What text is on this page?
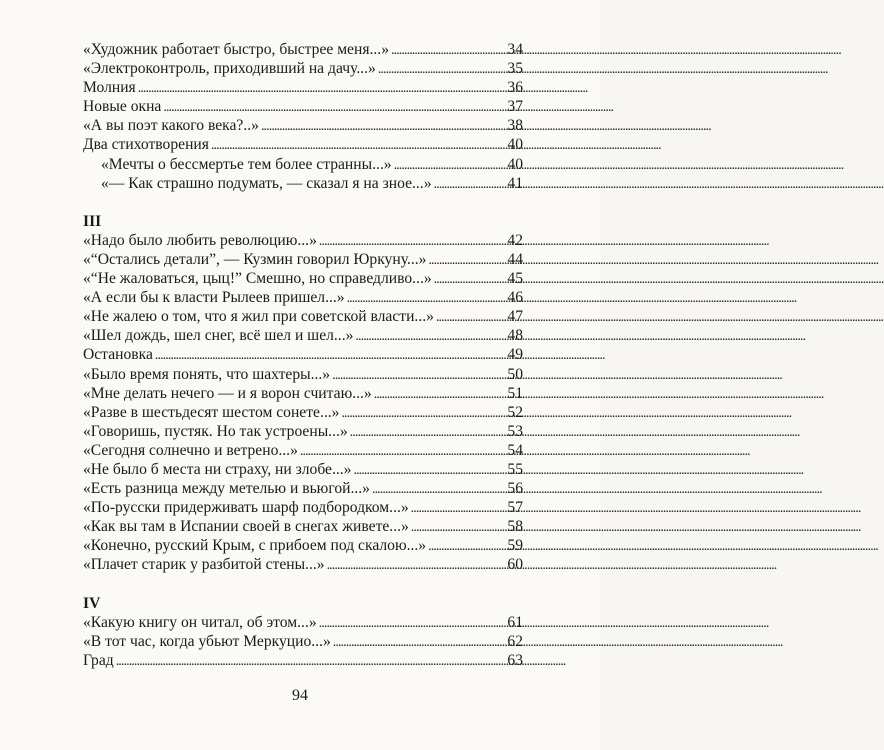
«Художник работает быстро, быстрее меня...» . . .	34
«Электроконтроль, приходивший на дачу...» . . .	35
Молния . . .	36
Новые окна . . .	37
«А вы поэт какого века?..» . . .	38
Два стихотворения . . .	40
«Мечты о бессмертье тем более странны...» . . .	40
«— Как страшно подумать, — сказал я на зное...» . . .	41
III
«Надо было любить революцию...» . . .	42
«“Остались детали”, — Кузмин говорил Юркуну...» . . .	44
«“Не жаловаться, цыц!” Смешно, но справедливо...» . . .	45
«А если бы к власти Рылеев пришел...» . . .	46
«Не жалею о том, что я жил при советской власти...» . . .	47
«Шел дождь, шел снег, всё шел и шел...» . . .	48
Остановка . . .	49
«Было время понять, что шахтеры...» . . .	50
«Мне делать нечего — и я ворон считаю...» . . .	51
«Разве в шестьдесят шестом сонете...» . . .	52
«Говоришь, пустяк. Но так устроены...» . . .	53
«Сегодня солнечно и ветрено...» . . .	54
«Не было б места ни страху, ни злобе...» . . .	55
«Есть разница между метелью и вьюгой...» . . .	56
«По-русски придерживать шарф подбородком...» . . .	57
«Как вы там в Испании своей в снегах живете...» . . .	58
«Конечно, русский Крым, с прибоем под скалою...» . . .	59
«Плачет старик у разбитой стены...» . . .	60
IV
«Какую книгу он читал, об этом...» . . .	61
«В тот час, когда убьют Меркуцио...» . . .	62
Град . . .	63
94
